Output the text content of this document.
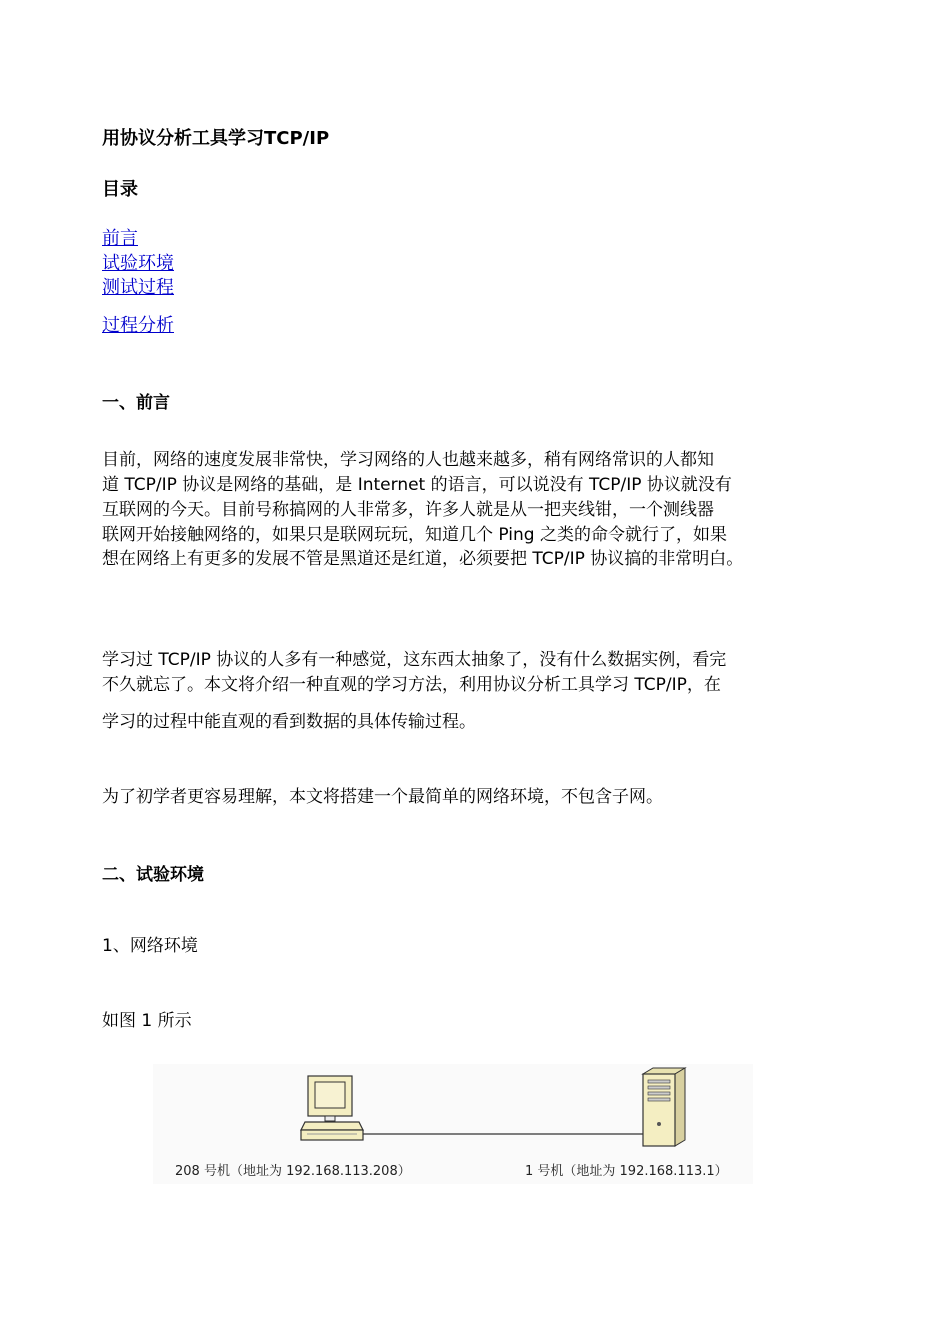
用协议分析工具学习TCP/IP
目录
前言
试验环境
测试过程
过程分析
一、前言
目前，网络的速度发展非常快，学习网络的人也越来越多，稍有网络常识的人都知
道 TCP/IP 协议是网络的基础，是 Internet 的语言，可以说没有 TCP/IP 协议就没有
互联网的今天。目前号称搞网的人非常多，许多人就是从一把夹线钳，一个测线器
联网开始接触网络的，如果只是联网玩玩，知道几个 Ping 之类的命令就行了，如果
想在网络上有更多的发展不管是黑道还是红道，必须要把 TCP/IP 协议搞的非常明白。
学习过 TCP/IP 协议的人多有一种感觉，这东西太抽象了，没有什么数据实例，看完
不久就忘了。本文将介绍一种直观的学习方法，利用协议分析工具学习 TCP/IP，在
学习的过程中能直观的看到数据的具体传输过程。
为了初学者更容易理解，本文将搭建一个最简单的网络环境，不包含子网。
二、试验环境
1、网络环境
如图 1 所示
208 号机（地址为 192.168.113.208）	1 号机（地址为 192.168.113.1）
